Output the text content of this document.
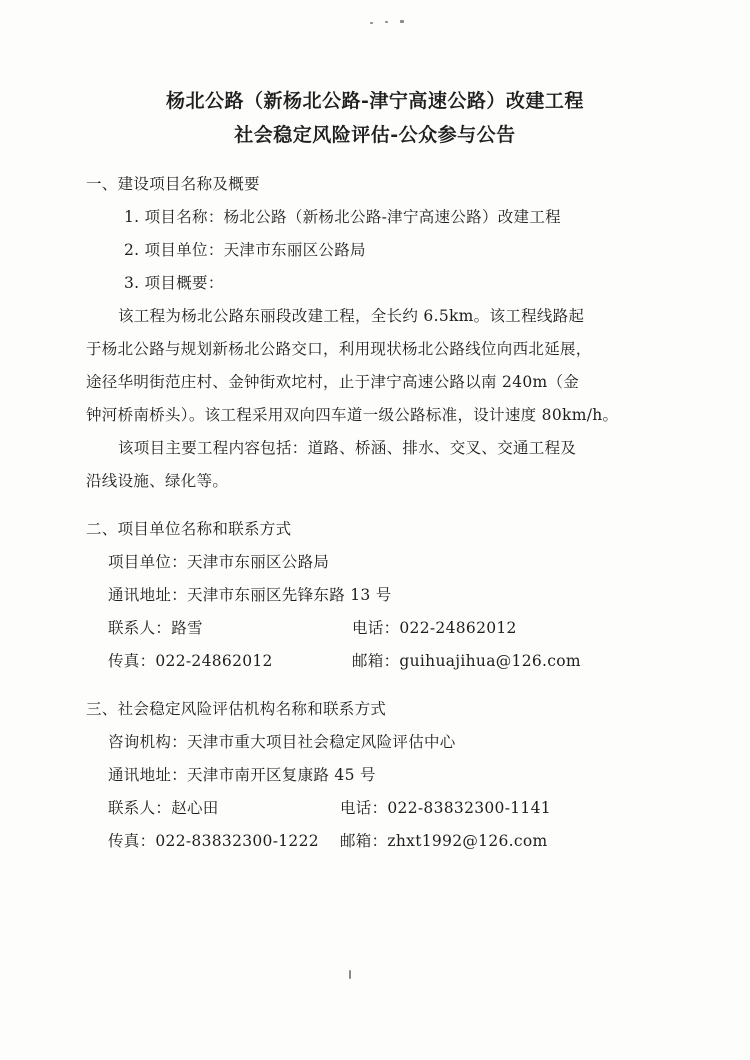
杨北公路（新杨北公路-津宁高速公路）改建工程
社会稳定风险评估-公众参与公告
一、建设项目名称及概要
1. 项目名称：杨北公路（新杨北公路-津宁高速公路）改建工程
2. 项目单位：天津市东丽区公路局
3. 项目概要：
该工程为杨北公路东丽段改建工程，全长约 6.5km。该工程线路起
于杨北公路与规划新杨北公路交口，利用现状杨北公路线位向西北延展，
途径华明街范庄村、金钟街欢坨村，止于津宁高速公路以南 240m（金
钟河桥南桥头）。该工程采用双向四车道一级公路标准，设计速度 80km/h。
该项目主要工程内容包括：道路、桥涵、排水、交叉、交通工程及
沿线设施、绿化等。
二、项目单位名称和联系方式
项目单位：天津市东丽区公路局
通讯地址：天津市东丽区先锋东路 13 号
联系人：路雪	电话：022-24862012
传真：022-24862012	邮箱：guihuajihua@126.com
三、社会稳定风险评估机构名称和联系方式
咨询机构：天津市重大项目社会稳定风险评估中心
通讯地址：天津市南开区复康路 45 号
联系人：赵心田	电话：022-83832300-1141
传真：022-83832300-1222 邮箱：zhxt1992@126.com
